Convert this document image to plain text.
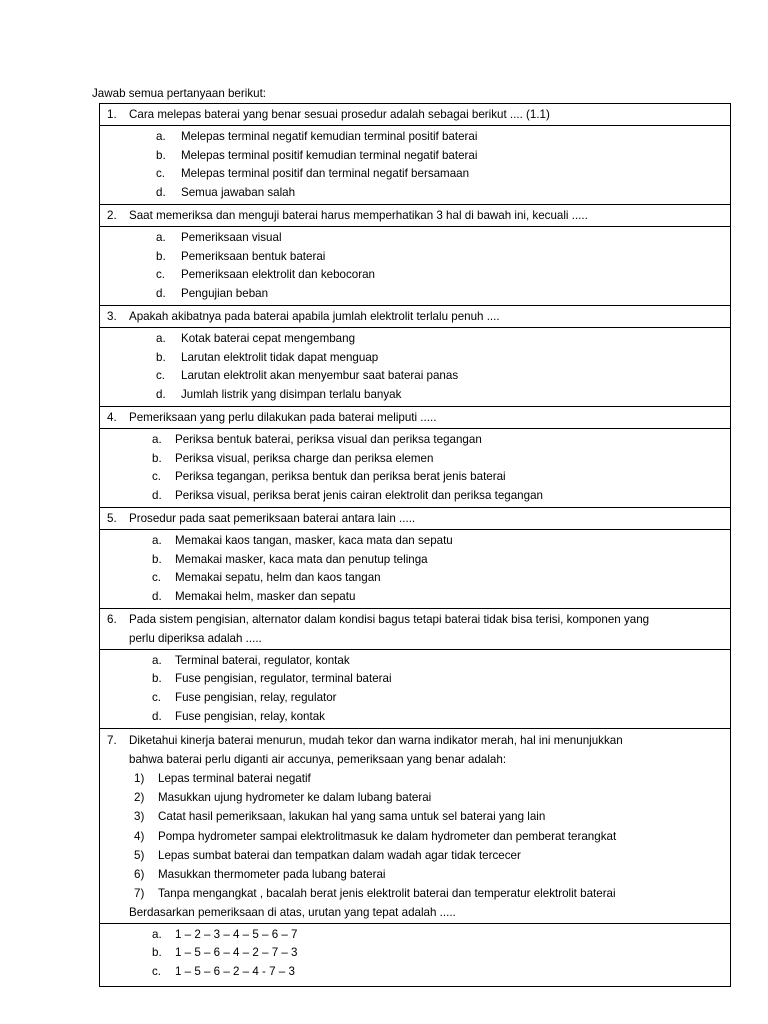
Jawab semua pertanyaan berikut:
1. Cara melepas baterai yang benar sesuai prosedur adalah sebagai berikut .... (1.1)
a. Melepas terminal negatif kemudian terminal positif baterai
b. Melepas terminal positif kemudian terminal negatif baterai
c. Melepas terminal positif dan terminal negatif bersamaan
d. Semua jawaban salah
2. Saat memeriksa dan menguji baterai harus memperhatikan 3 hal di bawah ini, kecuali .....
a. Pemeriksaan visual
b. Pemeriksaan bentuk baterai
c. Pemeriksaan elektrolit dan kebocoran
d. Pengujian beban
3. Apakah akibatnya pada baterai apabila jumlah elektrolit terlalu penuh ....
a. Kotak baterai cepat mengembang
b. Larutan elektrolit tidak dapat menguap
c. Larutan elektrolit akan menyembur saat baterai panas
d. Jumlah listrik yang disimpan terlalu banyak
4. Pemeriksaan yang perlu dilakukan pada baterai meliputi .....
a. Periksa bentuk baterai, periksa visual dan periksa tegangan
b. Periksa visual, periksa charge dan periksa elemen
c. Periksa tegangan, periksa bentuk dan periksa berat jenis baterai
d. Periksa visual, periksa berat jenis cairan elektrolit dan periksa tegangan
5. Prosedur pada saat pemeriksaan baterai antara lain .....
a. Memakai kaos tangan, masker, kaca mata dan sepatu
b. Memakai masker, kaca mata dan penutup telinga
c. Memakai sepatu, helm dan kaos tangan
d. Memakai helm, masker dan sepatu
6. Pada sistem pengisian, alternator dalam kondisi bagus tetapi baterai tidak bisa terisi, komponen yang
perlu diperiksa adalah .....
a. Terminal baterai, regulator, kontak
b. Fuse pengisian, regulator, terminal baterai
c. Fuse pengisian, relay, regulator
d. Fuse pengisian, relay, kontak
7. Diketahui kinerja baterai menurun, mudah tekor dan warna indikator merah, hal ini menunjukkan
bahwa baterai perlu diganti air accunya, pemeriksaan yang benar adalah:
1) Lepas terminal baterai negatif
2) Masukkan ujung hydrometer ke dalam lubang baterai
3) Catat hasil pemeriksaan, lakukan hal yang sama untuk sel baterai yang lain
4) Pompa hydrometer sampai elektrolitmasuk ke dalam hydrometer dan pemberat terangkat
5) Lepas sumbat baterai dan tempatkan dalam wadah agar tidak tercecer
6) Masukkan thermometer pada lubang baterai
7) Tanpa mengangkat , bacalah berat jenis elektrolit baterai dan temperatur elektrolit baterai
Berdasarkan pemeriksaan di atas, urutan yang tepat adalah .....
a. 1 – 2 – 3 – 4 – 5 – 6 – 7
b. 1 – 5 – 6 – 4 – 2 – 7 – 3
c. 1 – 5 – 6 – 2 – 4 - 7 – 3
